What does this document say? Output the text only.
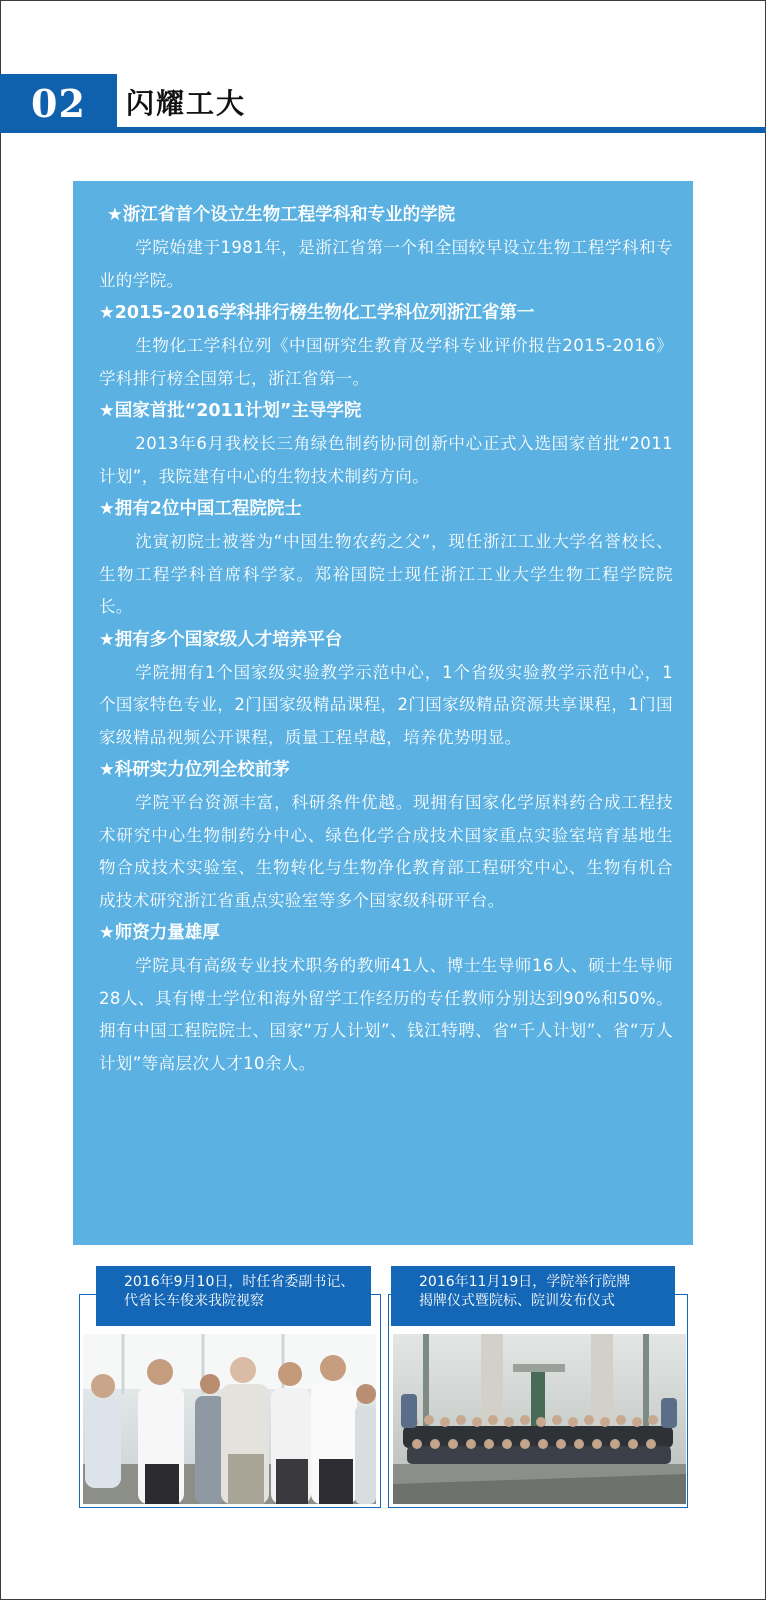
02	闪耀工大
★浙江省首个设立生物工程学科和专业的学院
学院始建于1981年，是浙江省第一个和全国较早设立生物工程学科和专业的学院。
★2015-2016学科排行榜生物化工学科位列浙江省第一
生物化工学科位列《中国研究生教育及学科专业评价报告2015-2016》学科排行榜全国第七，浙江省第一。
★国家首批“2011计划”主导学院
2013年6月我校长三角绿色制药协同创新中心正式入选国家首批“2011计划”，我院建有中心的生物技术制药方向。
★拥有2位中国工程院院士
沈寅初院士被誉为“中国生物农药之父”，现任浙江工业大学名誉校长、生物工程学科首席科学家。郑裕国院士现任浙江工业大学生物工程学院院长。
★拥有多个国家级人才培养平台
学院拥有1个国家级实验教学示范中心，1个省级实验教学示范中心，1个国家特色专业，2门国家级精品课程，2门国家级精品资源共享课程，1门国家级精品视频公开课程，质量工程卓越，培养优势明显。
★科研实力位列全校前茅
学院平台资源丰富，科研条件优越。现拥有国家化学原料药合成工程技术研究中心生物制药分中心、绿色化学合成技术国家重点实验室培育基地生物合成技术实验室、生物转化与生物净化教育部工程研究中心、生物有机合成技术研究浙江省重点实验室等多个国家级科研平台。
★师资力量雄厚
学院具有高级专业技术职务的教师41人、博士生导师16人、硕士生导师28人、具有博士学位和海外留学工作经历的专任教师分别达到90%和50%。拥有中国工程院院士、国家“万人计划”、钱江特聘、省“千人计划”、省“万人计划”等高层次人才10余人。
2016年9月10日，时任省委副书记、
代省长车俊来我院视察
2016年11月19日，学院举行院牌
揭牌仪式暨院标、院训发布仪式
